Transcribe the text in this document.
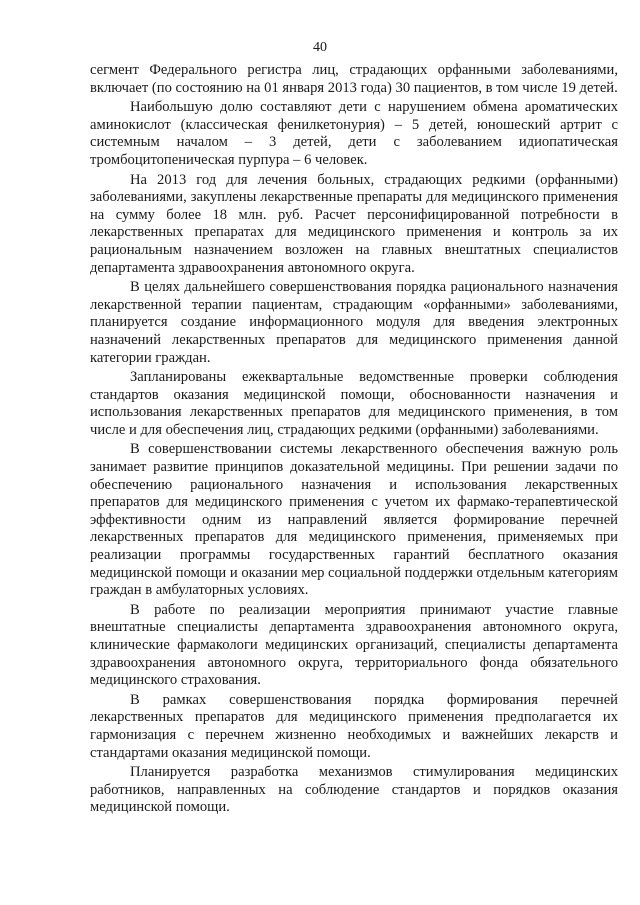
40

сегмент Федерального регистра лиц, страдающих орфанными заболеваниями, включает (по состоянию на 01 января 2013 года) 30 пациентов, в том числе 19 детей.

Наибольшую долю составляют дети с нарушением обмена ароматических аминокислот (классическая фенилкетонурия) – 5 детей, юношеский артрит с системным началом – 3 детей, дети с заболеванием идиопатическая тромбоцитопеническая пурпура – 6 человек.

На 2013 год для лечения больных, страдающих редкими (орфанными) заболеваниями, закуплены лекарственные препараты для медицинского применения на сумму более 18 млн. руб. Расчет персонифицированной потребности в лекарственных препаратах для медицинского применения и контроль за их рациональным назначением возложен на главных внештатных специалистов департамента здравоохранения автономного округа.

В целях дальнейшего совершенствования порядка рационального назначения лекарственной терапии пациентам, страдающим «орфанными» заболеваниями, планируется создание информационного модуля для введения электронных назначений лекарственных препаратов для медицинского применения данной категории граждан.

Запланированы ежеквартальные ведомственные проверки соблюдения стандартов оказания медицинской помощи, обоснованности назначения и использования лекарственных препаратов для медицинского применения, в том числе и для обеспечения лиц, страдающих редкими (орфанными) заболеваниями.

В совершенствовании системы лекарственного обеспечения важную роль занимает развитие принципов доказательной медицины. При решении задачи по обеспечению рационального назначения и использования лекарственных препаратов для медицинского применения с учетом их фармако-терапевтической эффективности одним из направлений является формирование перечней лекарственных препаратов для медицинского применения, применяемых при реализации программы государственных гарантий бесплатного оказания медицинской помощи и оказании мер социальной поддержки отдельным категориям граждан в амбулаторных условиях.

В работе по реализации мероприятия принимают участие главные внештатные специалисты департамента здравоохранения автономного округа, клинические фармакологи медицинских организаций, специалисты департамента здравоохранения автономного округа, территориального фонда обязательного медицинского страхования.

В рамках совершенствования порядка формирования перечней лекарственных препаратов для медицинского применения предполагается их гармонизация с перечнем жизненно необходимых и важнейших лекарств и стандартами оказания медицинской помощи.

Планируется разработка механизмов стимулирования медицинских работников, направленных на соблюдение стандартов и порядков оказания медицинской помощи.
